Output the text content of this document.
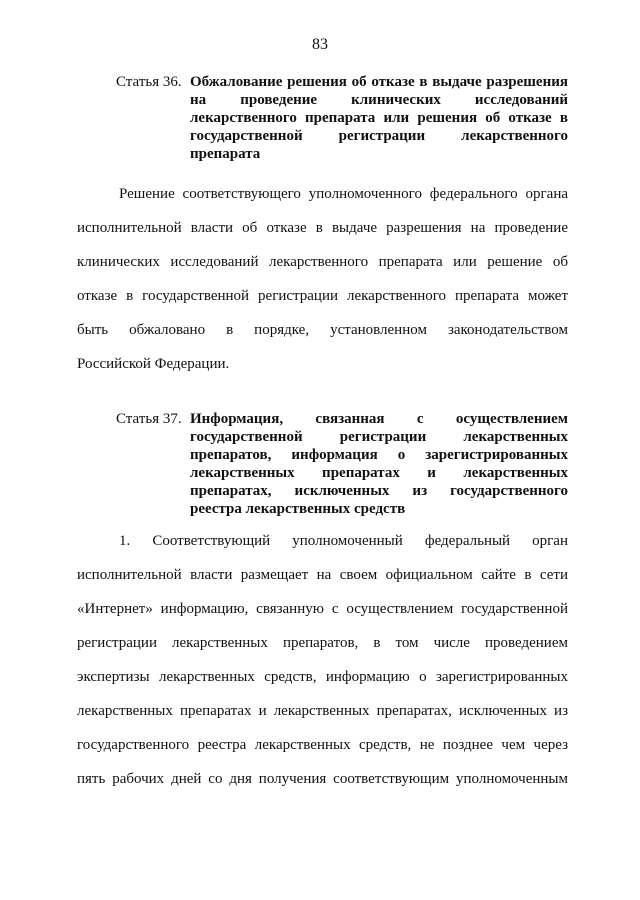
83
Статья 36. Обжалование решения об отказе в выдаче разрешения
на проведение клинических исследований
лекарственного препарата или решения об отказе в
государственной регистрации лекарственного
препарата
Решение соответствующего уполномоченного федерального органа
исполнительной власти об отказе в выдаче разрешения на проведение
клинических исследований лекарственного препарата или решение об
отказе в государственной регистрации лекарственного препарата может
быть обжаловано в порядке, установленном законодательством
Российской Федерации.
Статья 37. Информация, связанная с осуществлением
государственной регистрации лекарственных
препаратов, информация о зарегистрированных
лекарственных препаратах и лекарственных
препаратах, исключенных из государственного
реестра лекарственных средств
1. Соответствующий уполномоченный федеральный орган
исполнительной власти размещает на своем официальном сайте в сети
«Интернет» информацию, связанную с осуществлением государственной
регистрации лекарственных препаратов, в том числе проведением
экспертизы лекарственных средств, информацию о зарегистрированных
лекарственных препаратах и лекарственных препаратах, исключенных из
государственного реестра лекарственных средств, не позднее чем через
пять рабочих дней со дня получения соответствующим уполномоченным
